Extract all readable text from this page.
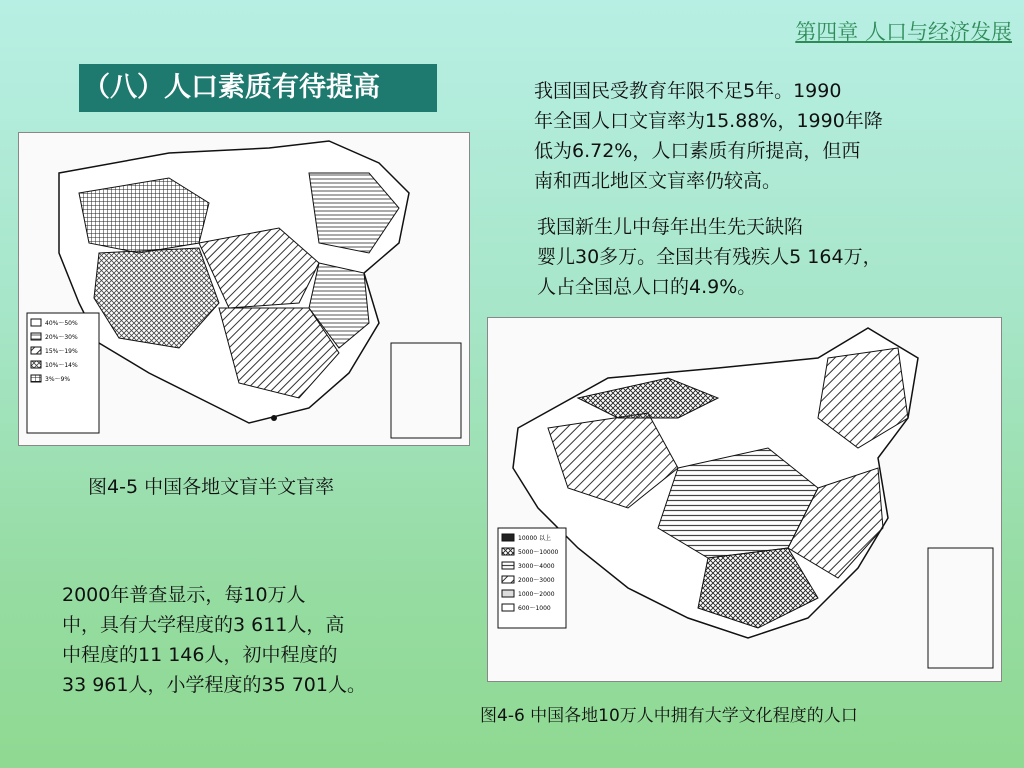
第四章 人口与经济发展
（八）人口素质有待提高	我国国民受教育年限不足5年。1990
年全国人口文盲率为15.88%，1990年降
低为6.72%，人口素质有所提高，但西
南和西北地区文盲率仍较高。
我国新生儿中每年出生先天缺陷
婴儿30多万。全国共有残疾人5 164万，
人占全国总人口的4.9%。
2000年普查显示，每10万人
中，具有大学程度的3 611人，高
中程度的11 146人，初中程度的
33 961人，小学程度的35 701人。
40%～50%
20%～30%
15%～19%
10%～14%
3%～9%
图4-5 中国各地文盲半文盲率
10000 以上
5000～10000
3000～4000
2000～3000
1000～2000
600～1000
图4-6 中国各地10万人中拥有大学文化程度的人口
